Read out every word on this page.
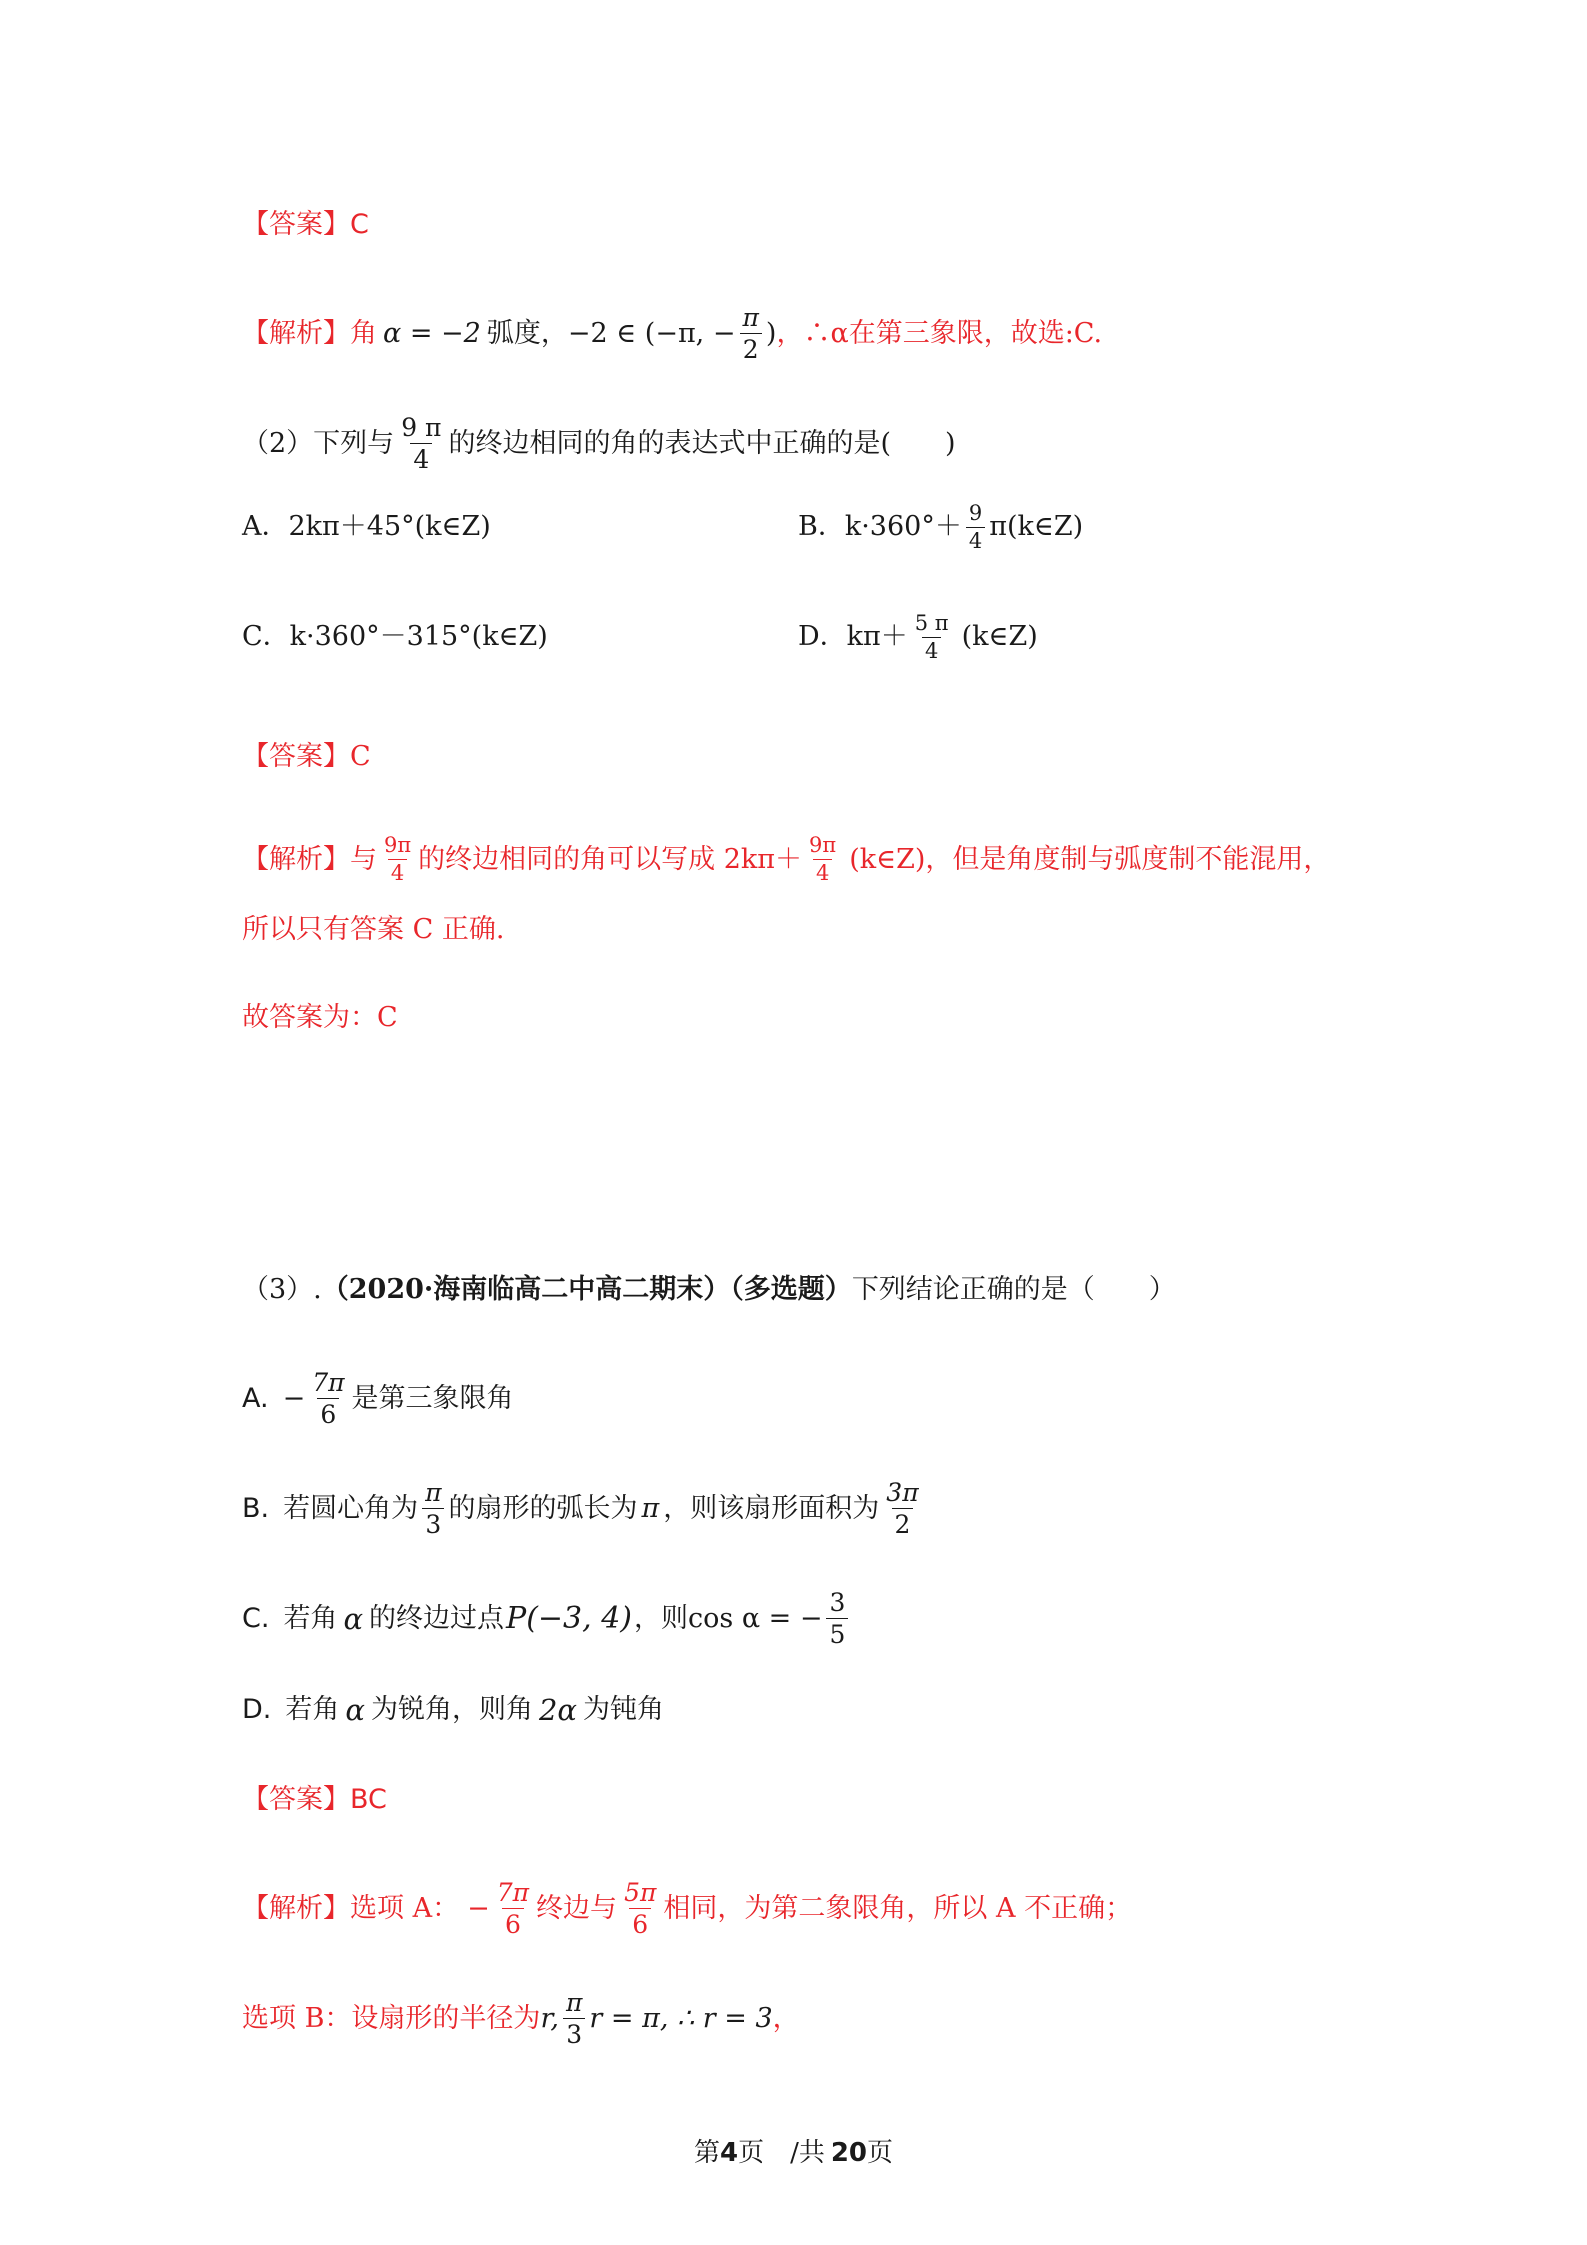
【答案】 C
【解析】 角 α = −2 弧度， −2 ∈ (−π, − $\frac{\pi}{2}$ ) ，∴α在第三象限，故选:C.
（2）下列与 $\frac{9 \pi}{4}$ 的终边相同的角的表达式中正确的是(　　)
A．2kπ＋45°(k∈Z)	B．$k\cdot 360^\circ+ \frac{9}{4}$ π(k∈Z)
C．k·360°－315°(k∈Z)	D．$k\pi+ \frac{5 \pi}{4}$ (k∈Z)
【答案】 C
【解析】 与 $\frac{9\pi}{4}$ 的终边相同的角可以写成 $2k\pi+ \frac{9\pi}{4}$ (k∈Z)，但是角度制与弧度制不能混用，
所以只有答案 C 正确.
故答案为：C
（3）. （2020·海南临高二中高二期末）（多选题） 下列结论正确的是（　　）
A. − $\frac{7\pi}{6}$ 是第三象限角
B. 若圆心角为 $\frac{\pi}{3}$ 的扇形的弧长为 π ，则该扇形面积为 $\frac{3\pi}{2}$
C. 若角 α 的终边过点 P(−3, 4) ，则 cos α = − $\frac{3}{5}$
D. 若角 α 为锐角，则角 2α 为钝角
【答案】 BC
【解析】 选项 A： − $\frac{7\pi}{6}$ 终边与 $\frac{5\pi}{6}$ 相同，为第二象限角，所以 A 不正确；
选项 B：设扇形的半径为 r, $\frac{\pi}{3}$ r = π, ∴ r = 3 ，
第4页　/共 20页
